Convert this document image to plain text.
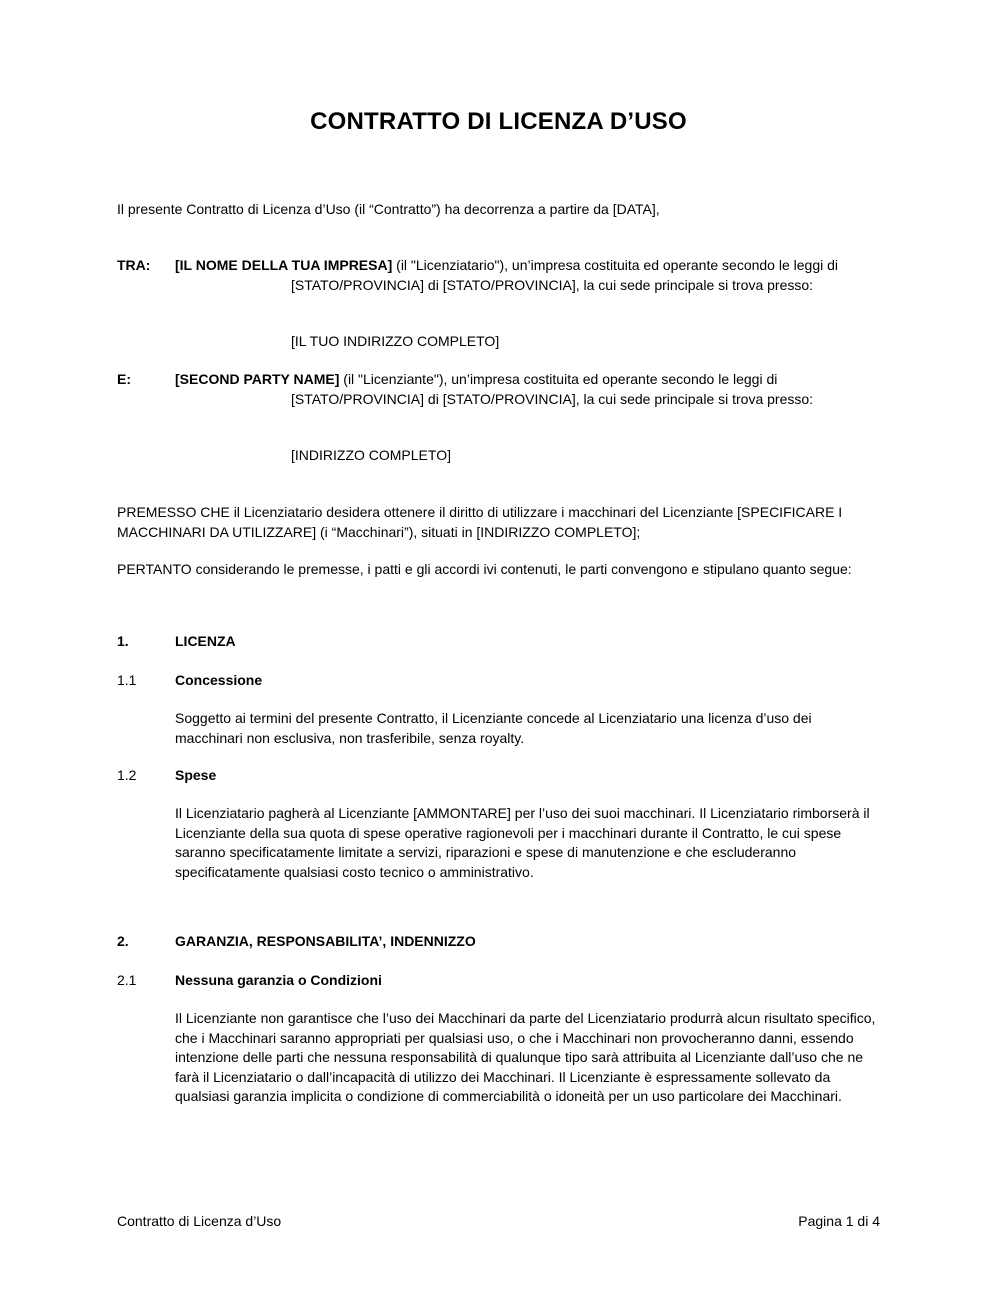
CONTRATTO DI LICENZA D’USO
Il presente Contratto di Licenza d’Uso (il “Contratto”) ha decorrenza a partire da [DATA],
TRA: [IL NOME DELLA TUA IMPRESA] (il "Licenziatario"), un’impresa costituita ed operante secondo le leggi di [STATO/PROVINCIA] di [STATO/PROVINCIA], la cui sede principale si trova presso:
[IL TUO INDIRIZZO COMPLETO]
E:	[SECOND PARTY NAME] (il "Licenziante"), un’impresa costituita ed operante secondo le leggi di [STATO/PROVINCIA] di [STATO/PROVINCIA], la cui sede principale si trova presso:
[INDIRIZZO COMPLETO]
PREMESSO CHE il Licenziatario desidera ottenere il diritto di utilizzare i macchinari del Licenziante [SPECIFICARE I MACCHINARI DA UTILIZZARE] (i “Macchinari”), situati in [INDIRIZZO COMPLETO];
PERTANTO considerando le premesse, i patti e gli accordi ivi contenuti, le parti convengono e stipulano quanto segue:
1.	LICENZA
1.1	Concessione
Soggetto ai termini del presente Contratto, il Licenziante concede al Licenziatario una licenza d’uso dei macchinari non esclusiva, non trasferibile, senza royalty.
1.2	Spese
Il Licenziatario pagherà al Licenziante [AMMONTARE] per l’uso dei suoi macchinari. Il Licenziatario rimborserà il Licenziante della sua quota di spese operative ragionevoli per i macchinari durante il Contratto, le cui spese saranno specificatamente limitate a servizi, riparazioni e spese di manutenzione e che escluderanno specificatamente qualsiasi costo tecnico o amministrativo.
2.	GARANZIA, RESPONSABILITA’, INDENNIZZO
2.1	Nessuna garanzia o Condizioni
Il Licenziante non garantisce che l’uso dei Macchinari da parte del Licenziatario produrrà alcun risultato specifico, che i Macchinari saranno appropriati per qualsiasi uso, o che i Macchinari non provocheranno danni, essendo intenzione delle parti che nessuna responsabilità di qualunque tipo sarà attribuita al Licenziante dall’uso che ne farà il Licenziatario o dall’incapacità di utilizzo dei Macchinari. Il Licenziante è espressamente sollevato da qualsiasi garanzia implicita o condizione di commerciabilità o idoneità per un uso particolare dei Macchinari.
Contratto di Licenza d’Uso	Pagina 1 di 4
